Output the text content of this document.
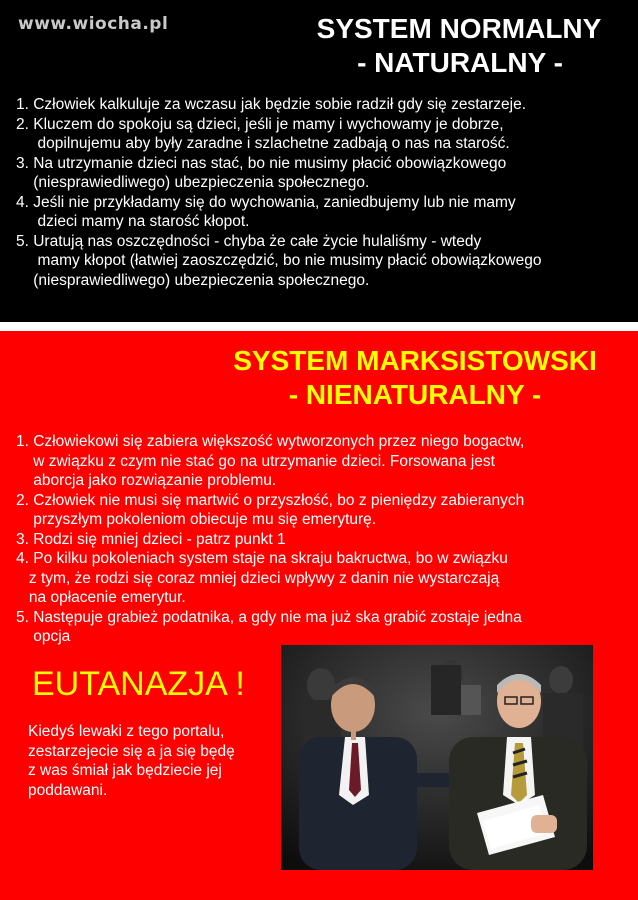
www.wiocha.pl	SYSTEM NORMALNY
- NATURALNY -
1. Człowiek kalkuluje za wczasu jak będzie sobie radził gdy się zestarzeje.
2. Kluczem do spokoju są dzieci, jeśli je mamy i wychowamy je dobrze,
dopilnujemu aby były zaradne i szlachetne zadbają o nas na starość.
3. Na utrzymanie dzieci nas stać, bo nie musimy płacić obowiązkowego
(niesprawiedliwego) ubezpieczenia społecznego.
4. Jeśli nie przykładamy się do wychowania, zaniedbujemy lub nie mamy
dzieci mamy na starość kłopot.
5. Uratują nas oszczędności - chyba że całe życie hulaliśmy - wtedy
mamy kłopot (łatwiej zaoszczędzić, bo nie musimy płacić obowiązkowego
(niesprawiedliwego) ubezpieczenia społecznego.
SYSTEM MARKSISTOWSKI
- NIENATURALNY -
1. Człowiekowi się zabiera większość wytworzonych przez niego bogactw,
w związku z czym nie stać go na utrzymanie dzieci. Forsowana jest
aborcja jako rozwiązanie problemu.
2. Człowiek nie musi się martwić o przyszłość, bo z pieniędzy zabieranych
przyszłym pokoleniom obiecuje mu się emeryturę.
3. Rodzi się mniej dzieci - patrz punkt 1
4. Po kilku pokoleniach system staje na skraju bakructwa, bo w związku
z tym, że rodzi się coraz mniej dzieci wpływy z danin nie wystarczają
na opłacenie emerytur.
5. Następuje grabież podatnika, a gdy nie ma już ska grabić zostaje jedna
opcja
EUTANAZJA !
Kiedyś lewaki z tego portalu,
zestarzejecie się a ja się będę
z was śmiał jak będziecie jej
poddawani.
